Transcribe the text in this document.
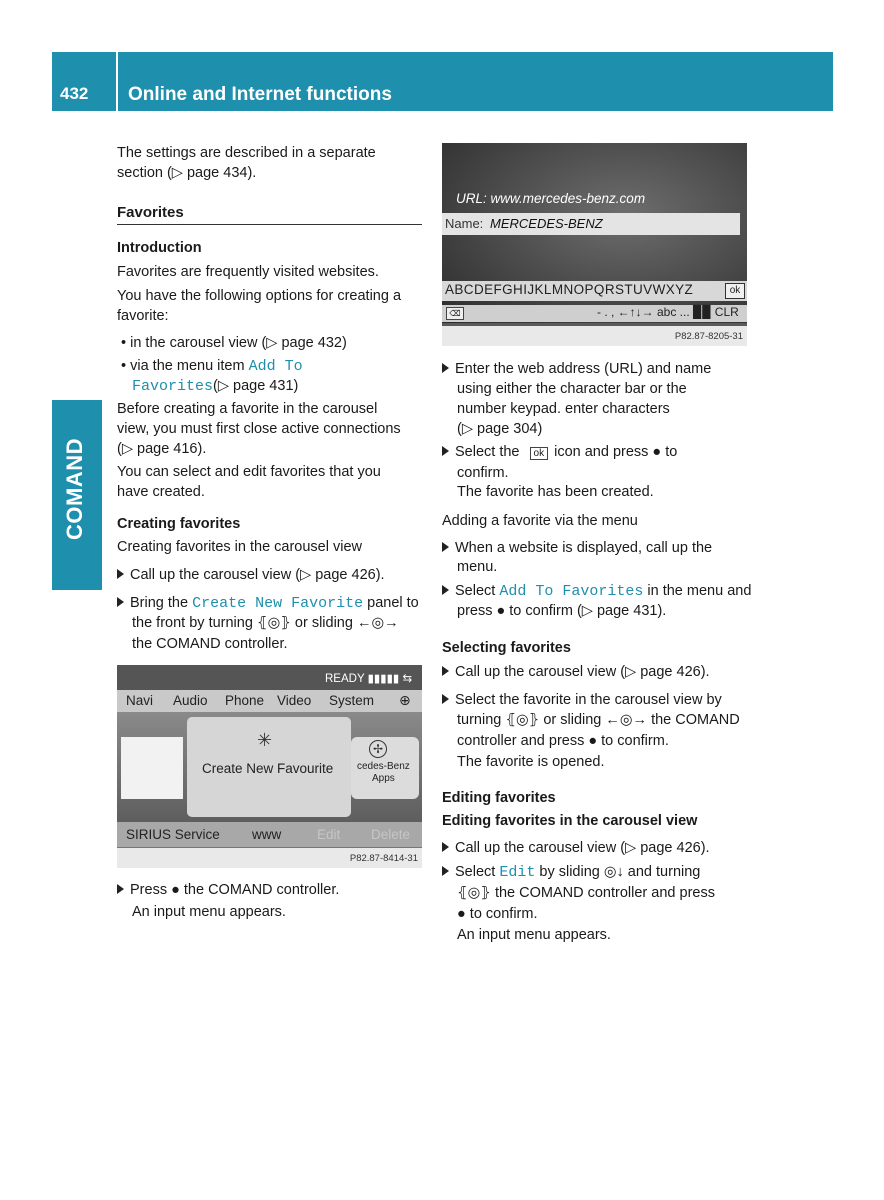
432	Online and Internet functions
COMAND
The settings are described in a separate
section (▷ page 434).
Favorites
Introduction
Favorites are frequently visited websites.
You have the following options for creating a
favorite:
• in the carousel view (▷ page 432)
• via the menu item Add To
Favorites(▷ page 431)
Before creating a favorite in the carousel
view, you must first close active connections
(▷ page 416).
You can select and edit favorites that you
have created.
Creating favorites
Creating favorites in the carousel view
Call up the carousel view (▷ page 426).
Bring the Create New Favorite panel to
the front by turning ⦃◎⦄ or sliding ←◎→
the COMAND controller.
READY ▮▮▮▮▮ ⇆
Navi Audio Phone Video System ⊕
✢
cedes-Benz
Apps
✳
Create New Favourite
SIRIUS Service www	Edit Delete
P82.87-8414-31
Press ● the COMAND controller.
An input menu appears.
URL: www.mercedes-benz.com
Name: MERCEDES-BENZ
ABCDEFGHIJKLMNOPQRSTUVWXYZ	ok
⌫	- . , ←↑↓→ abc ... ▉▉ CLR
P82.87-8205-31
Enter the web address (URL) and name
using either the character bar or the
number keypad. enter characters
(▷ page 304)
Select the ok icon and press ● to
confirm.
The favorite has been created.
Adding a favorite via the menu
When a website is displayed, call up the
menu.
Select Add To Favorites in the menu and
press ● to confirm (▷ page 431).
Selecting favorites
Call up the carousel view (▷ page 426).
Select the favorite in the carousel view by
turning ⦃◎⦄ or sliding ←◎→ the COMAND
controller and press ● to confirm.
The favorite is opened.
Editing favorites
Editing favorites in the carousel view
Call up the carousel view (▷ page 426).
Select Edit by sliding ◎↓ and turning
⦃◎⦄ the COMAND controller and press
● to confirm.
An input menu appears.
